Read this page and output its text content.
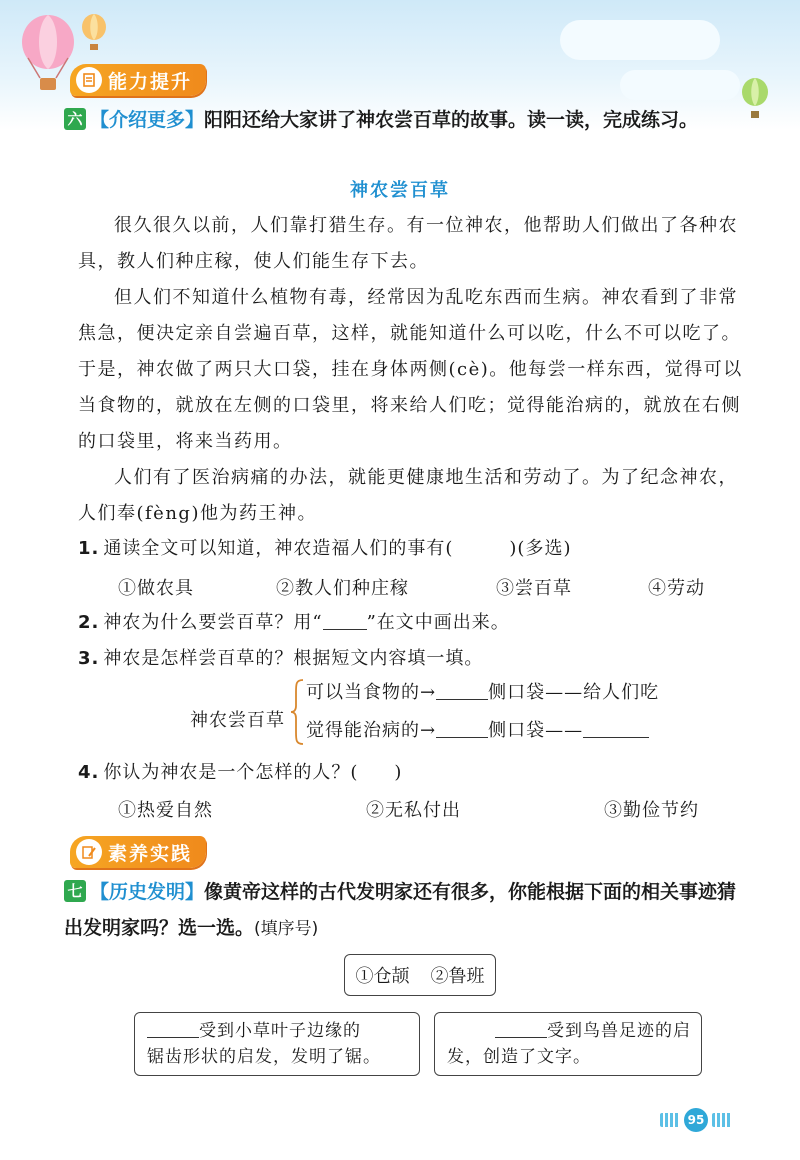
能力提升
六 【介绍更多】阳阳还给大家讲了神农尝百草的故事。读一读，完成练习。
神农尝百草
很久很久以前，人们靠打猎生存。有一位神农，他帮助人们做出了各种农具，教人们种庄稼，使人们能生存下去。
但人们不知道什么植物有毒，经常因为乱吃东西而生病。神农看到了非常焦急，便决定亲自尝遍百草，这样，就能知道什么可以吃，什么不可以吃了。于是，神农做了两只大口袋，挂在身体两侧(cè)。他每尝一样东西，觉得可以当食物的，就放在左侧的口袋里，将来给人们吃；觉得能治病的，就放在右侧的口袋里，将来当药用。
人们有了医治病痛的办法，就能更健康地生活和劳动了。为了纪念神农，人们奉(fèng)他为药王神。
1. 通读全文可以知道，神农造福人们的事有(	)(多选)
①做农具	②教人们种庄稼	③尝百草	④劳动
2. 神农为什么要尝百草？用“ ”在文中画出来。
3. 神农是怎样尝百草的？根据短文内容填一填。
神农尝百草
可以当食物的→	侧口袋——给人们吃
觉得能治病的→	侧口袋——
4. 你认为神农是一个怎样的人？( )
①热爱自然	②无私付出	③勤俭节约
素养实践
七 【历史发明】像黄帝这样的古代发明家还有很多，你能根据下面的相关事迹猜出发明家吗？选一选。(填序号)
①仓颉 ②鲁班
受到小草叶子边缘的
锯齿形状的启发，发明了锯。
受到鸟兽足迹的启
发，创造了文字。
95
